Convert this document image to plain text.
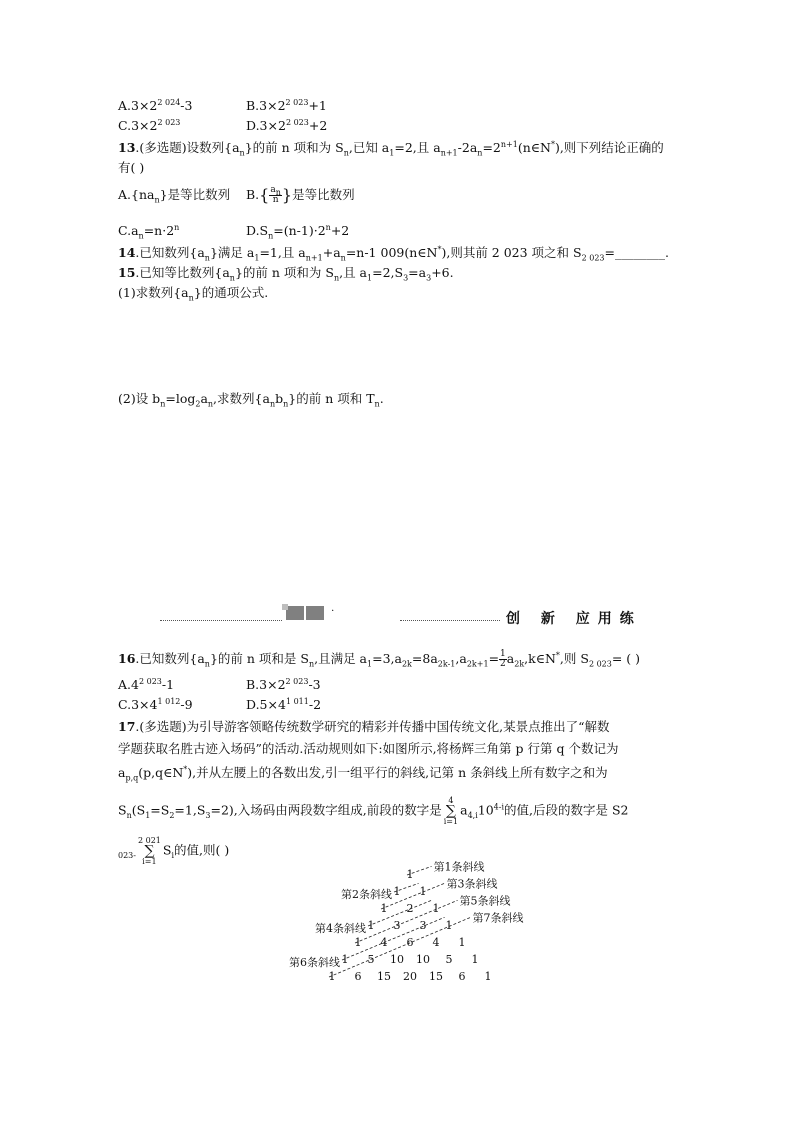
$A.3\times 2^{2 024}-3$	$B.3\times 2^{2 023}+1$
$C.3\times 2^{2 023}$	$D.3\times 2^{2 023}+2$
13.(多选题)设数列$\{a_n\}$的前 n 项和为 $S_n$,已知 $a_1=2$,且 $a_{n+1}-2a_n=2^{n+1}(n\in N^*)$,则下列结论正确的
有( )
$A.\{na_n\}$是等比数列 $B.\{ \frac{a_n}{n}$ }是等比数列
$C.a_n=n\cdot 2^n$	$D.S_n=(n-1)\cdot 2^n+2$
14.已知数列$\{a_n\}$满足 $a_1=1$,且 $a_{n+1}+a_n=n-1$ 009(n∈N*),则其前 2 023 项之和 $S_{2 023}=\_\_\_\_\_\_\_\_$.
15.已知等比数列$\{a_n\}$的前 n 项和为 $S_n$,且 $a_1=2,S_3=a_3+6$.
(1)求数列$\{a_n\}$的通项公式.
(2)设 $b_n=\log_2a_n$,求数列$\{a_nb_n\}$的前 n 项和 $T_n$.
·	创 新 应用练
16.已知数列$\{a_n\}$的前 n 项和是 $S_n$,且满足 $a_1=3,a_{2k}=8a_{2k-1},a_{2k+1}= \frac{1}{2}$ $a_{2k},k\in N^*$,则 $S_{2 023}=$ ( )
$A.4^{2 023}-1$	$B.3\times 2^{2 023}-3$
$C.3\times 4^{1 012}-9$	$D.5\times 4^{1 011}-2$
17.(多选题)为引导游客领略传统数学研究的精彩并传播中国传统文化,某景点推出了“解数
学题获取名胜古迹入场码”的活动.活动规则如下:如图所示,将杨辉三角第 p 行第 q 个数记为
$a_{p,q}(p,q\in N^*)$,并从左腰上的各数出发,引一组平行的斜线,记第 n 条斜线上所有数字之和为
$S_n(S_1=S_2=1,S_3=2)$,入场码由两段数字组成,前段的数字是4
∑
$i=1a_{4,i}10^{4-i}$的值,后段的数字是 S2
$_{023-}$2 021
∑
$i=1S_i$的值,则( )
1
1 1
1 2 1
1 3 3 1
1 4 6 4 1
1 5 10 10 5 1
1 6 15 20 15 6 1
第1条斜线
第2条斜线
第3条斜线
第4条斜线
第5条斜线
第6条斜线
第7条斜线
